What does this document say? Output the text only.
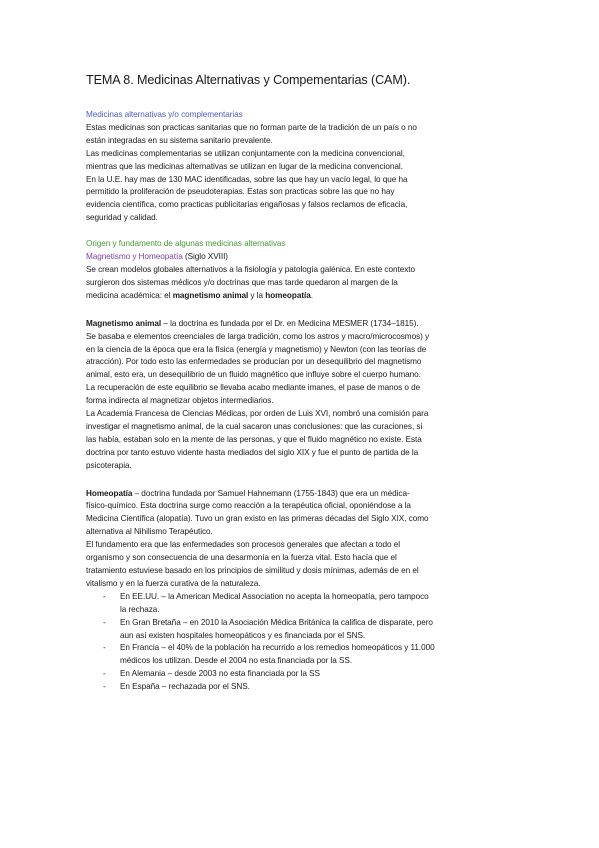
TEMA 8. Medicinas Alternativas y Compementarias (CAM).

Medicinas alternativas y/o complementarias

Estas medicinas son practicas sanitarias que no forman parte de la tradición de un país o no

están integradas en su sistema sanitario prevalente.

Las medicinas complementarias se utilizan conjuntamente con la medicina convencional,

mientras que las medicinas alternativas se utilizan en lugar de la medicina convencional.

En la U.E. hay mas de 130 MAC identificadas, sobre las que hay un vacío legal, lo que ha

permitido la proliferación de pseudoterapias. Estas son practicas sobre las que no hay

evidencia científica, como practicas publicitarias engañosas y falsos reclamos de eficacia,

seguridad y calidad.

Origen y fundamento de algunas medicinas alternativas

Magnetismo y Homeopatía (Siglo XVIII)

Se crean modelos globales alternativos a la fisiología y patología galénica. En este contexto

surgieron dos sistemas médicos y/o doctrinas que mas tarde quedaron al margen de la

medicina académica: el magnetismo animal y la homeopatía.

Magnetismo animal – la doctrina es fundada por el Dr. en Medicina MESMER (1734–1815).

Se basaba e elementos creenciales de larga tradición, como los astros y macro/microcosmos) y

en la ciencia de la época que era la física (energía y magnetismo) y Newton (con las teorías de

atracción). Por todo esto las enfermedades se producían por un desequilibrio del magnetismo

animal, esto era, un desequilibrio de un fluido magnético que influye sobre el cuerpo humano.

La recuperación de este equilibrio se llevaba acabo mediante imanes, el pase de manos o de

forma indirecta al magnetizar objetos intermediarios.

La Academia Francesa de Ciencias Médicas, por orden de Luis XVI, nombró una comisión para

investigar el magnetismo animal, de la cual sacaron unas conclusiones: que las curaciones, si

las había, estaban solo en la mente de las personas, y que el fluido magnético no existe. Esta

doctrina por tanto estuvo vidente hasta mediados del siglo XIX y fue el punto de partida de la

psicoterapia.

Homeopatía – doctrina fundada por Samuel Hahnemann (1755-1843) que era un médica-

físico-químico. Esta doctrina surge como reacción a la terapéutica oficial, oponiéndose a la

Medicina Científica (alopatía). Tuvo un gran existo en las primeras décadas del Siglo XIX, como

alternativa al Nihilismo Terapéutico.

El fundamento era que las enfermedades son procesos generales que afectan a todo el

organismo y son consecuencia de una desarmonía en la fuerza vital. Esto hacía que el

tratamiento estuviese basado en los principios de similitud y dosis mínimas, además de en el

vitalismo y en la fuerza curativa de la naturaleza.

- En EE.UU. – la American Medical Association no acepta la homeopatía, pero tampoco
la rechaza.
- En Gran Bretaña – en 2010 la Asociación Médica Británica la califica de disparate, pero
aun así existen hospitales homeopáticos y es financiada por el SNS.
- En Francia – el 40% de la población ha recurrido a los remedios homeopáticos y 11.000
médicos los utilizan. Desde el 2004 no esta financiada por la SS.
- En Alemania – desde 2003 no esta financiada por la SS
- En España – rechazada por el SNS.
